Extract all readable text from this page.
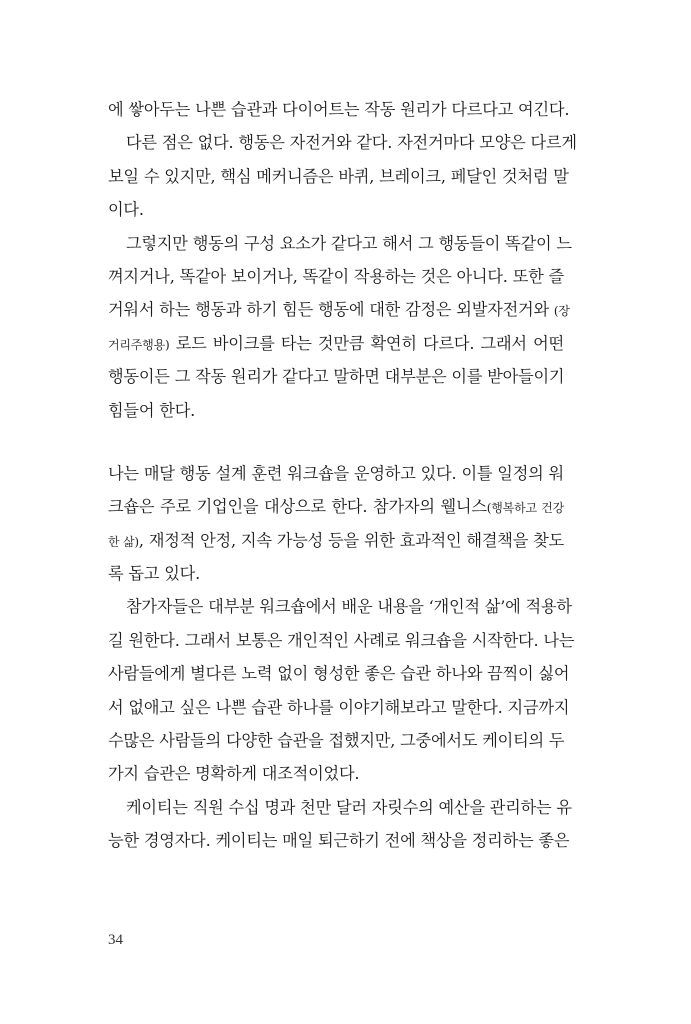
에 쌓아두는 나쁜 습관과 다이어트는 작동 원리가 다르다고 여긴다.
다른 점은 없다. 행동은 자전거와 같다. 자전거마다 모양은 다르게
보일 수 있지만, 핵심 메커니즘은 바퀴, 브레이크, 페달인 것처럼 말
이다.
그렇지만 행동의 구성 요소가 같다고 해서 그 행동들이 똑같이 느
껴지거나, 똑같아 보이거나, 똑같이 작용하는 것은 아니다. 또한 즐
거워서 하는 행동과 하기 힘든 행동에 대한 감정은 외발자전거와 (장
거리주행용) 로드 바이크를 타는 것만큼 확연히 다르다. 그래서 어떤
행동이든 그 작동 원리가 같다고 말하면 대부분은 이를 받아들이기
힘들어 한다.
나는 매달 행동 설계 훈련 워크숍을 운영하고 있다. 이틀 일정의 워
크숍은 주로 기업인을 대상으로 한다. 참가자의 웰니스(행복하고 건강
한 삶), 재정적 안정, 지속 가능성 등을 위한 효과적인 해결책을 찾도
록 돕고 있다.
참가자들은 대부분 워크숍에서 배운 내용을 ‘개인적 삶’에 적용하
길 원한다. 그래서 보통은 개인적인 사례로 워크숍을 시작한다. 나는
사람들에게 별다른 노력 없이 형성한 좋은 습관 하나와 끔찍이 싫어
서 없애고 싶은 나쁜 습관 하나를 이야기해보라고 말한다. 지금까지
수많은 사람들의 다양한 습관을 접했지만, 그중에서도 케이티의 두
가지 습관은 명확하게 대조적이었다.
케이티는 직원 수십 명과 천만 달러 자릿수의 예산을 관리하는 유
능한 경영자다. 케이티는 매일 퇴근하기 전에 책상을 정리하는 좋은
34
